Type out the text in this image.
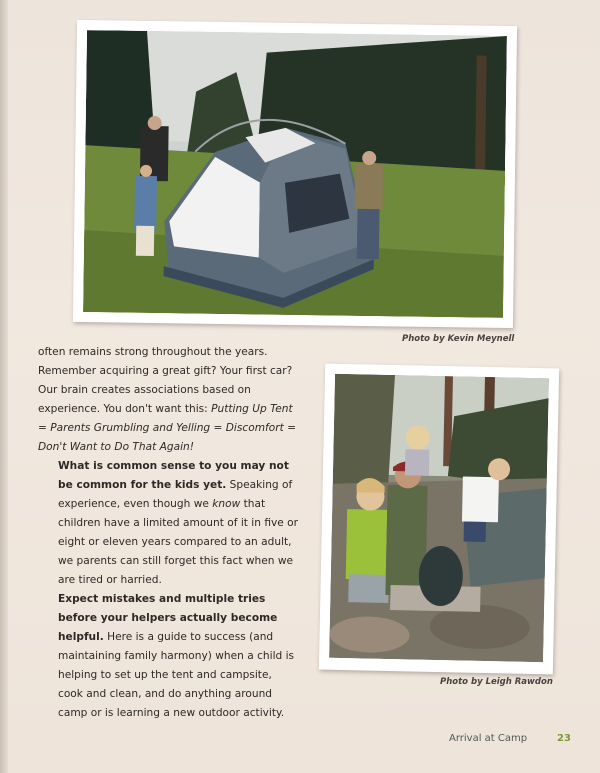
Photo by Kevin Meynell
Photo by Leigh Rawdon

often remains strong throughout the years. Remember acquiring a great gift? Your first car? Our brain creates associations based on experience. You don't want this: Putting Up Tent = Parents Grumbling and Yelling = Discomfort = Don't Want to Do That Again!

What is common sense to you may not be common for the kids yet. Speaking of experience, even though we know that children have a limited amount of it in five or eight or eleven years compared to an adult, we parents can still forget this fact when we are tired or harried.

Expect mistakes and multiple tries before your helpers actually become helpful. Here is a guide to success (and maintaining family harmony) when a child is helping to set up the tent and campsite, cook and clean, and do anything around camp or is learning a new outdoor activity.

Arrival at Camp	23
